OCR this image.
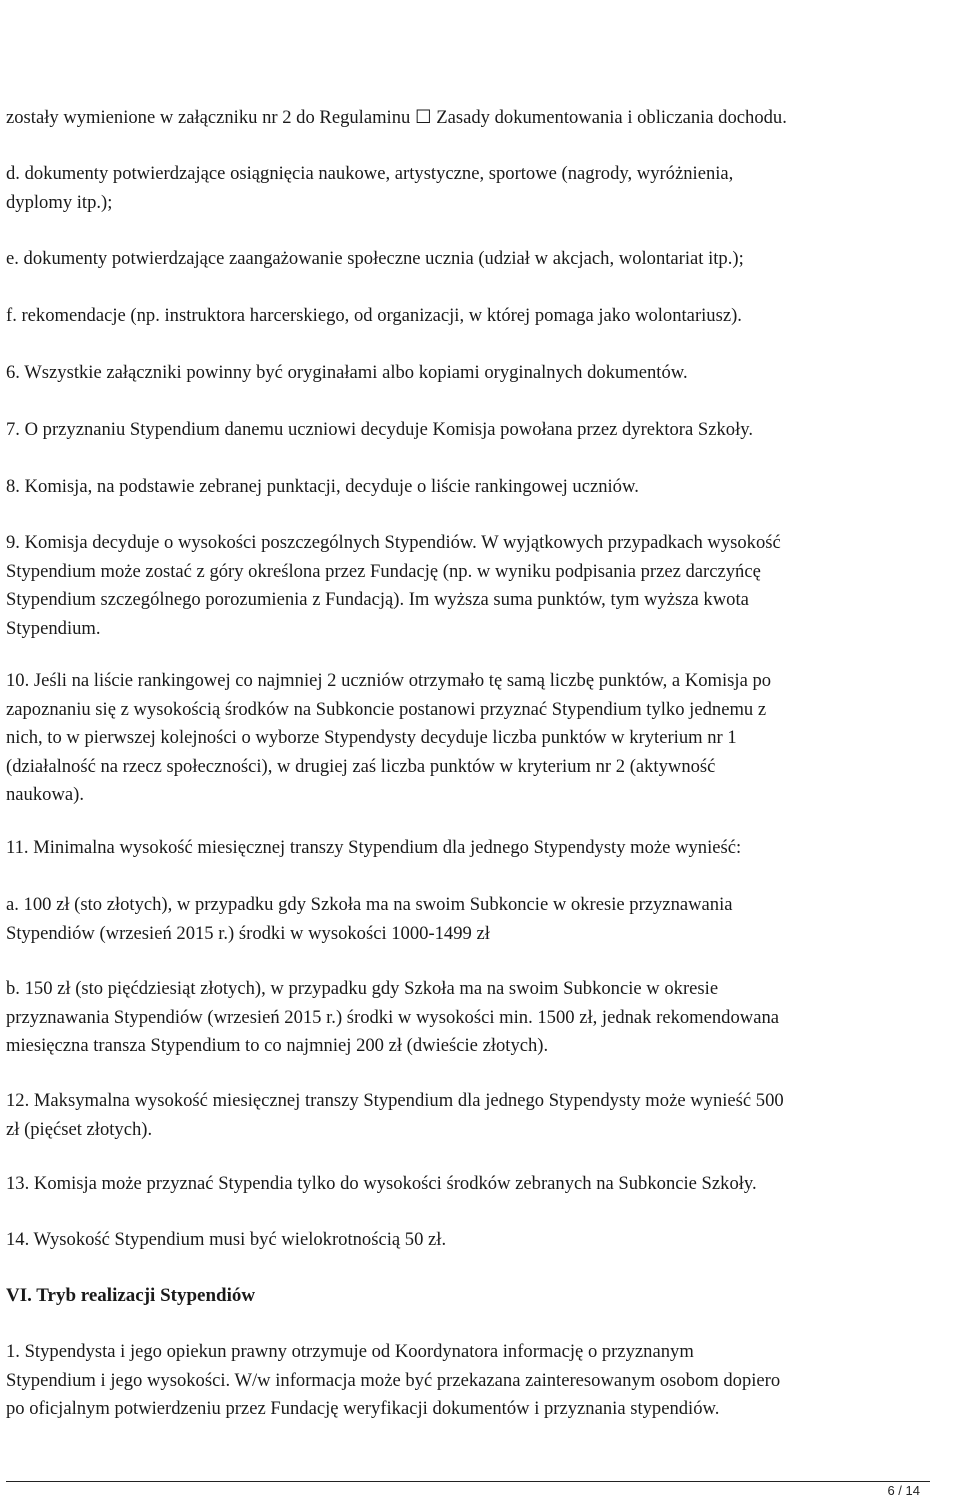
zostały wymienione w załączniku nr 2 do Regulaminu ☐ Zasady dokumentowania i obliczania dochodu.

d. dokumenty potwierdzające osiągnięcia naukowe, artystyczne, sportowe (nagrody, wyróżnienia,
dyplomy itp.);

e. dokumenty potwierdzające zaangażowanie społeczne ucznia (udział w akcjach, wolontariat itp.);

f. rekomendacje (np. instruktora harcerskiego, od organizacji, w której pomaga jako wolontariusz).

6. Wszystkie załączniki powinny być oryginałami albo kopiami oryginalnych dokumentów.

7. O przyznaniu Stypendium danemu uczniowi decyduje Komisja powołana przez dyrektora Szkoły.

8. Komisja, na podstawie zebranej punktacji, decyduje o liście rankingowej uczniów.

9. Komisja decyduje o wysokości poszczególnych Stypendiów. W wyjątkowych przypadkach wysokość
Stypendium może zostać z góry określona przez Fundację (np. w wyniku podpisania przez darczyńcę
Stypendium szczególnego porozumienia z Fundacją). Im wyższa suma punktów, tym wyższa kwota
Stypendium.

10. Jeśli na liście rankingowej co najmniej 2 uczniów otrzymało tę samą liczbę punktów, a Komisja po
zapoznaniu się z wysokością środków na Subkoncie postanowi przyznać Stypendium tylko jednemu z
nich, to w pierwszej kolejności o wyborze Stypendysty decyduje liczba punktów w kryterium nr 1
(działalność na rzecz społeczności), w drugiej zaś liczba punktów w kryterium nr 2 (aktywność
naukowa).

11. Minimalna wysokość miesięcznej transzy Stypendium dla jednego Stypendysty może wynieść:

a. 100 zł (sto złotych), w przypadku gdy Szkoła ma na swoim Subkoncie w okresie przyznawania
Stypendiów (wrzesień 2015 r.) środki w wysokości 1000-1499 zł

b. 150 zł (sto pięćdziesiąt złotych), w przypadku gdy Szkoła ma na swoim Subkoncie w okresie
przyznawania Stypendiów (wrzesień 2015 r.) środki w wysokości min. 1500 zł, jednak rekomendowana
miesięczna transza Stypendium to co najmniej 200 zł (dwieście złotych).

12. Maksymalna wysokość miesięcznej transzy Stypendium dla jednego Stypendysty może wynieść 500
zł (pięćset złotych).

13. Komisja może przyznać Stypendia tylko do wysokości środków zebranych na Subkoncie Szkoły.

14. Wysokość Stypendium musi być wielokrotnością 50 zł.

VI. Tryb realizacji Stypendiów

1. Stypendysta i jego opiekun prawny otrzymuje od Koordynatora informację o przyznanym
Stypendium i jego wysokości. W/w informacja może być przekazana zainteresowanym osobom dopiero
po oficjalnym potwierdzeniu przez Fundację weryfikacji dokumentów i przyznania stypendiów.

6 / 14
